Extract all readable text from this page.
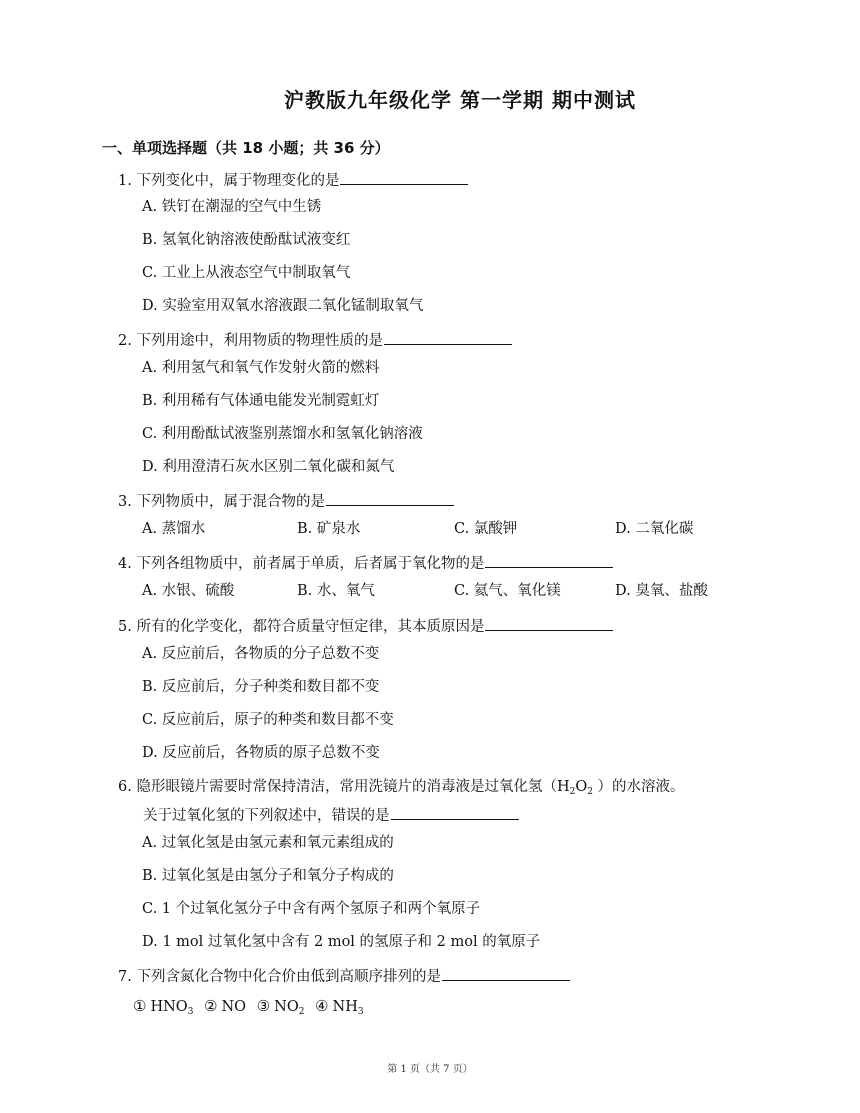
沪教版九年级化学 第一学期 期中测试
一、单项选择题（共 18 小题；共 36 分）
1. 下列变化中，属于物理变化的是
A. 铁钉在潮湿的空气中生锈
B. 氢氧化钠溶液使酚酞试液变红
C. 工业上从液态空气中制取氧气
D. 实验室用双氧水溶液跟二氧化锰制取氧气
2. 下列用途中，利用物质的物理性质的是
A. 利用氢气和氧气作发射火箭的燃料
B. 利用稀有气体通电能发光制霓虹灯
C. 利用酚酞试液鉴别蒸馏水和氢氧化钠溶液
D. 利用澄清石灰水区别二氧化碳和氮气
3. 下列物质中，属于混合物的是
A. 蒸馏水	B. 矿泉水	C. 氯酸钾	D. 二氧化碳
4. 下列各组物质中，前者属于单质，后者属于氧化物的是
A. 水银、硫酸	B. 水、氧气	C. 氦气、氧化镁	D. 臭氧、盐酸
5. 所有的化学变化，都符合质量守恒定律，其本质原因是
A. 反应前后，各物质的分子总数不变
B. 反应前后，分子种类和数目都不变
C. 反应前后，原子的种类和数目都不变
D. 反应前后，各物质的原子总数不变
6. 隐形眼镜片需要时常保持清洁，常用洗镜片的消毒液是过氧化氢（$H_2O_2$ ）的水溶液。
关于过氧化氢的下列叙述中，错误的是
A. 过氧化氢是由氢元素和氧元素组成的
B. 过氧化氢是由氢分子和氧分子构成的
C. 1 个过氧化氢分子中含有两个氢原子和两个氧原子
D. 1 mol 过氧化氢中含有 2 mol 的氢原子和 2 mol 的氧原子
7. 下列含氮化合物中化合价由低到高顺序排列的是
① $HNO_3$ ② NO ③ $NO_2$ ④ $NH_3$
第 1 页（共 7 页）
